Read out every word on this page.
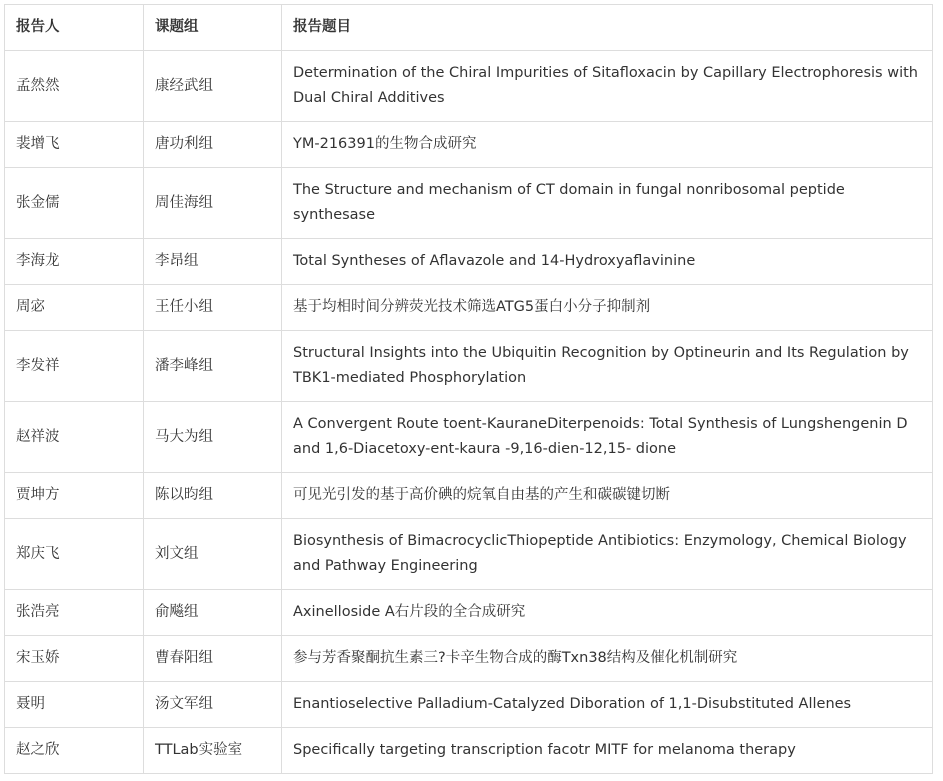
报告人	课题组	报告题目
孟然然	康经武组	Determination of the Chiral Impurities of Sitafloxacin by Capillary Electrophoresis with Dual Chiral Additives
裴增飞	唐功利组	YM-216391的生物合成研究
张金儒	周佳海组	The Structure and mechanism of CT domain in fungal nonribosomal peptide synthesase
李海龙	李昂组	Total Syntheses of Aflavazole and 14-Hydroxyaflavinine
周宓	王任小组	基于均相时间分辨荧光技术筛选ATG5蛋白小分子抑制剂
李发祥	潘李峰组	Structural Insights into the Ubiquitin Recognition by Optineurin and Its Regulation by TBK1-mediated Phosphorylation
赵祥波	马大为组	A Convergent Route toent-KauraneDiterpenoids: Total Synthesis of Lungshengenin D and 1,6-Diacetoxy-ent-kaura -9,16-dien-12,15- dione
贾坤方	陈以昀组	可见光引发的基于高价碘的烷氧自由基的产生和碳碳键切断
郑庆飞	刘文组	Biosynthesis of BimacrocyclicThiopeptide Antibiotics: Enzymology, Chemical Biology and Pathway Engineering
张浩亮	俞飚组	Axinelloside A右片段的全合成研究
宋玉娇	曹春阳组	参与芳香聚酮抗生素三?卡辛生物合成的酶Txn38结构及催化机制研究
聂明	汤文军组	Enantioselective Palladium-Catalyzed Diboration of 1,1-Disubstituted Allenes
赵之欣	TTLab实验室	Specifically targeting transcription facotr MITF for melanoma therapy
